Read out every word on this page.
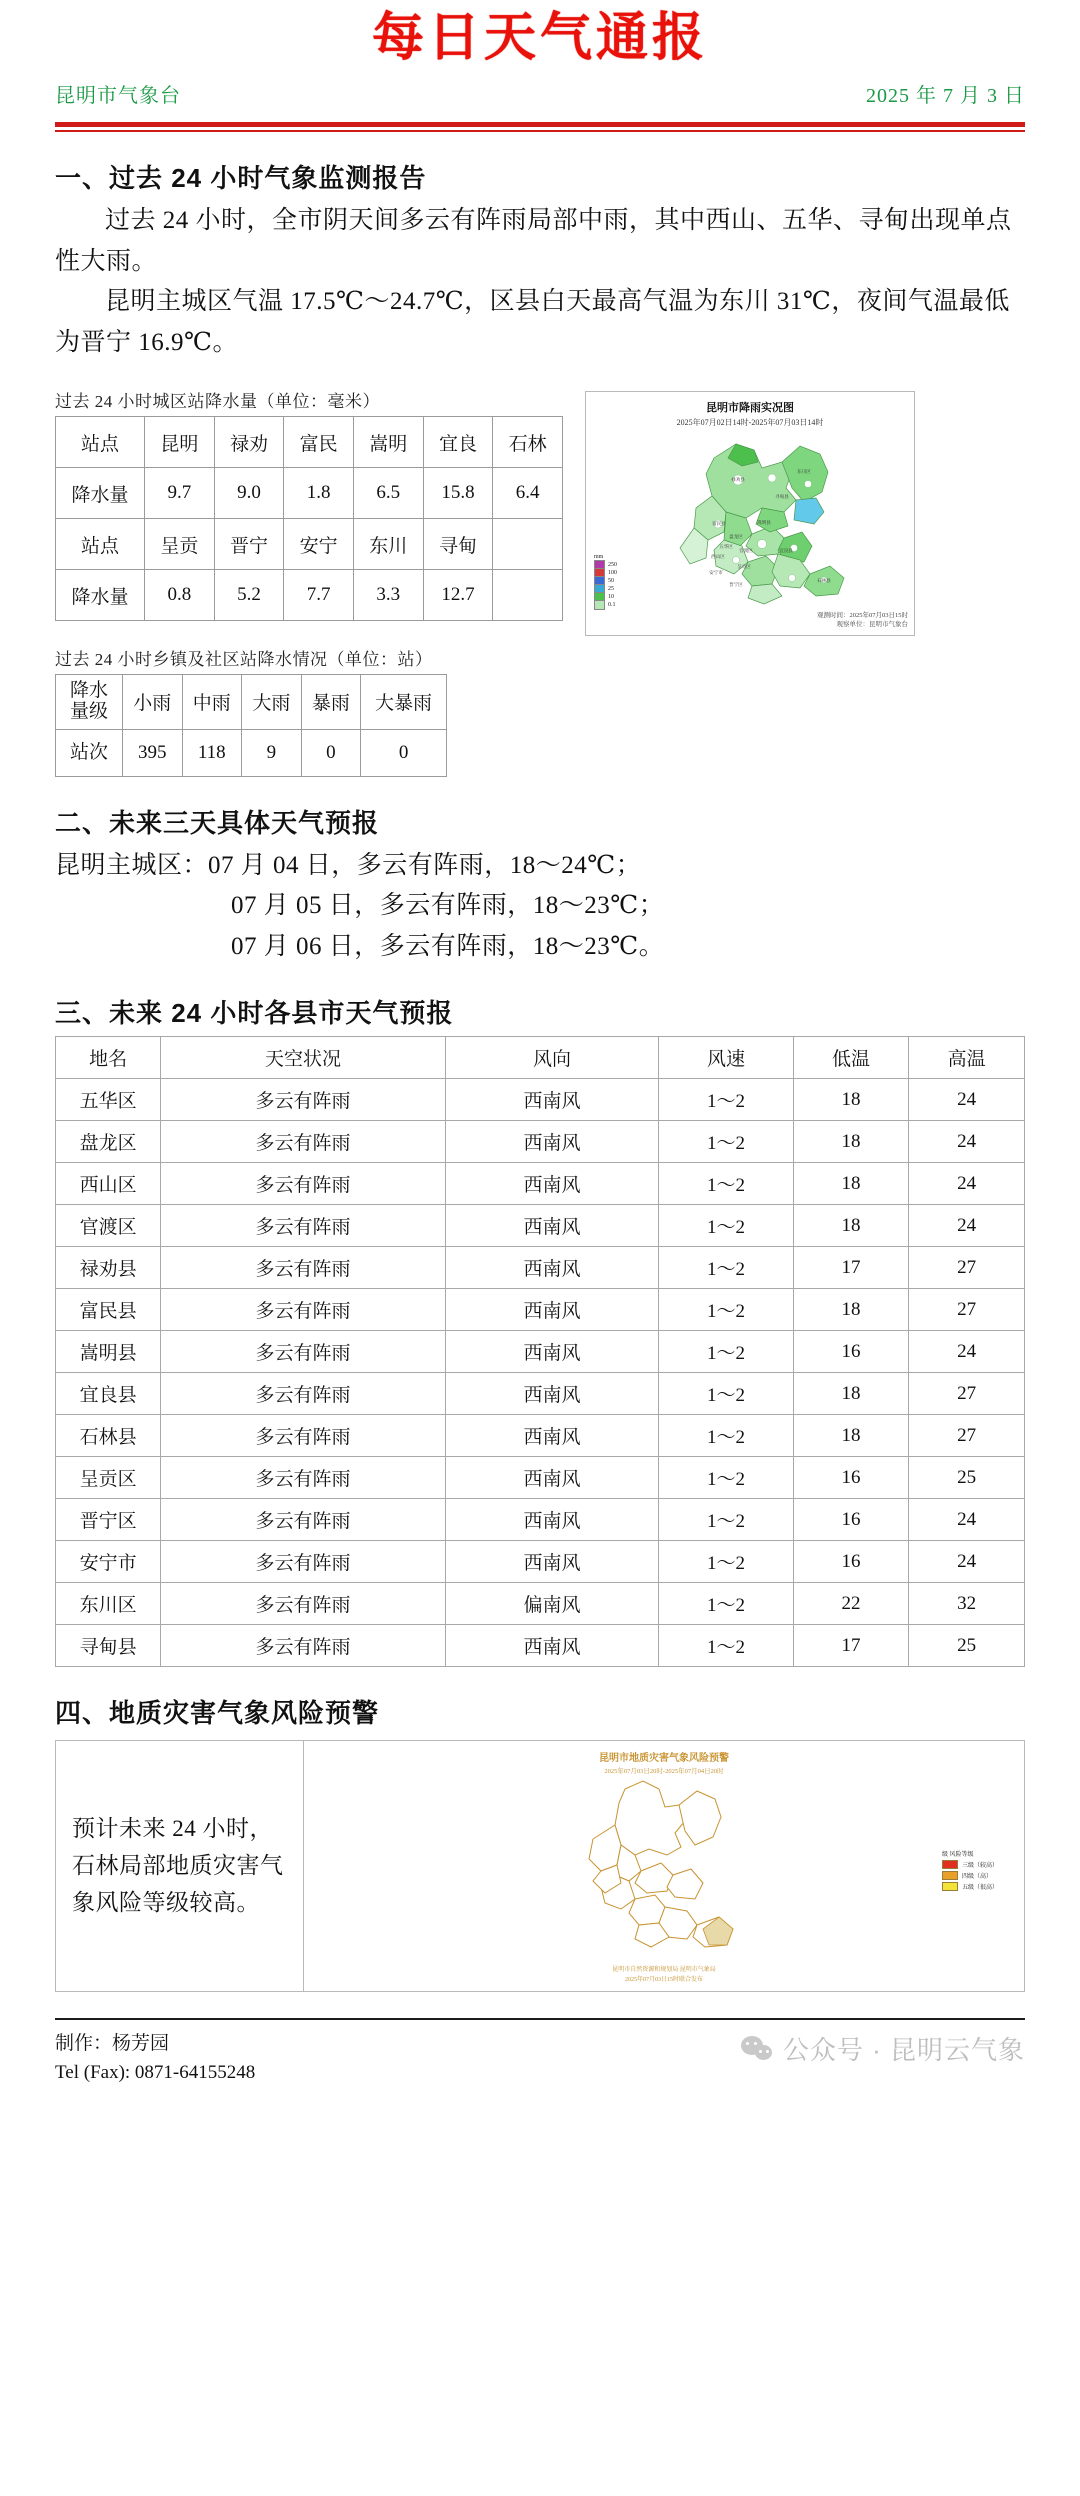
每日天气通报
昆明市气象台	2025 年 7 月 3 日
一、过去 24 小时气象监测报告

过去 24 小时，全市阴天间多云有阵雨局部中雨，其中西山、五华、寻甸出现单点性大雨。

昆明主城区气温 17.5℃～24.7℃，区县白天最高气温为东川 31℃，夜间气温最低为晋宁 16.9℃。

过去 24 小时城区站降水量（单位：毫米）
站点	昆明	禄劝	富民	嵩明	宜良	石林
降水量	9.7	9.0	1.8	6.5	15.8	6.4
站点	呈贡	晋宁	安宁	东川	寻甸	
降水量	0.8	5.2	7.7	3.3	12.7	
过去 24 小时乡镇及社区站降水情况（单位：站）
降水
量级	小雨	中雨	大雨	暴雨	大暴雨
站次	395	118	9	0	0
昆明市降雨实况图
2025年07月02日14时-2025年07月03日14时
禄劝县
东川区
寻甸县
富民县	嵩明县
盘龙区
五华区
官渡区
西山区
呈贡区
宜良县
安宁市
晋宁区
石林县
mm
250
100
50
25
10
0.1
观测时间：2025年07月03日15时
观察单位：昆明市气象台
二、未来三天具体天气预报
昆明主城区： 07 月 04 日，多云有阵雨，18～24℃；
07 月 05 日，多云有阵雨，18～23℃；
07 月 06 日，多云有阵雨，18～23℃。
三、未来 24 小时各县市天气预报
地名	天空状况	风向	风速	低温	高温
五华区	多云有阵雨	西南风	1～2	18	24
盘龙区	多云有阵雨	西南风	1～2	18	24
西山区	多云有阵雨	西南风	1～2	18	24
官渡区	多云有阵雨	西南风	1～2	18	24
禄劝县	多云有阵雨	西南风	1～2	17	27
富民县	多云有阵雨	西南风	1～2	18	27
嵩明县	多云有阵雨	西南风	1～2	16	24
宜良县	多云有阵雨	西南风	1～2	18	27
石林县	多云有阵雨	西南风	1～2	18	27
呈贡区	多云有阵雨	西南风	1～2	16	25
晋宁区	多云有阵雨	西南风	1～2	16	24
安宁市	多云有阵雨	西南风	1～2	16	24
东川区	多云有阵雨	偏南风	1～2	22	32
寻甸县	多云有阵雨	西南风	1～2	17	25
四、地质灾害气象风险预警
预计未来 24 小时，石林局部地质灾害气象风险等级较高。
昆明市地质灾害气象风险预警
2025年07月03日20时-2025年07月04日20时
级 风险等级
三级（较高）
四级（高）
五级（很高）
昆明市自然资源和规划局 昆明市气象局
2025年07月03日15时联合发布
制作：杨芳园
Tel (Fax): 0871-64155248
公众号 · 昆明云气象
